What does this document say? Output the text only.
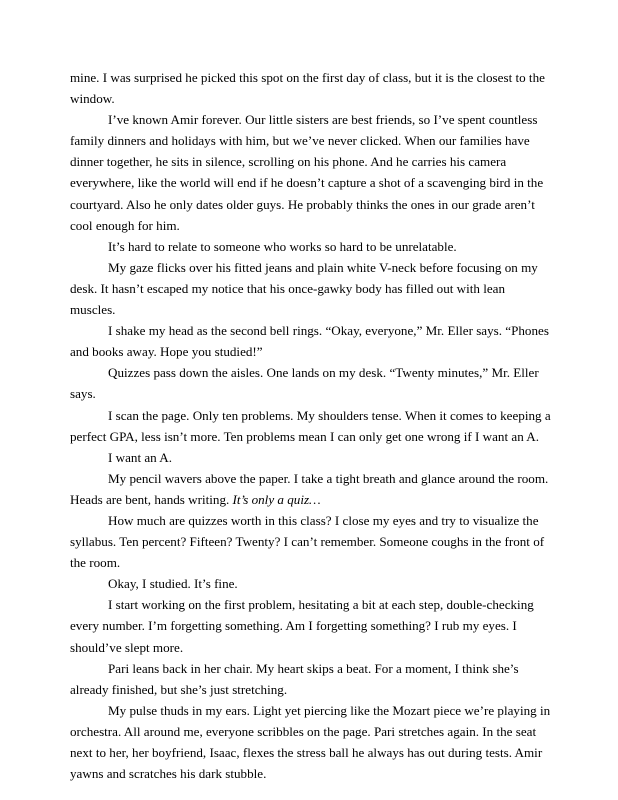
mine. I was surprised he picked this spot on the first day of class, but it is the closest to the window.

I’ve known Amir forever. Our little sisters are best friends, so I’ve spent countless family dinners and holidays with him, but we’ve never clicked. When our families have dinner together, he sits in silence, scrolling on his phone. And he carries his camera everywhere, like the world will end if he doesn’t capture a shot of a scavenging bird in the courtyard. Also he only dates older guys. He probably thinks the ones in our grade aren’t cool enough for him.

It’s hard to relate to someone who works so hard to be unrelatable.

My gaze flicks over his fitted jeans and plain white V-neck before focusing on my desk. It hasn’t escaped my notice that his once-gawky body has filled out with lean muscles.

I shake my head as the second bell rings. “Okay, everyone,” Mr. Eller says. “Phones and books away. Hope you studied!”

Quizzes pass down the aisles. One lands on my desk. “Twenty minutes,” Mr. Eller says.

I scan the page. Only ten problems. My shoulders tense. When it comes to keeping a perfect GPA, less isn’t more. Ten problems mean I can only get one wrong if I want an A.

I want an A.

My pencil wavers above the paper. I take a tight breath and glance around the room. Heads are bent, hands writing. It’s only a quiz…

How much are quizzes worth in this class? I close my eyes and try to visualize the syllabus. Ten percent? Fifteen? Twenty? I can’t remember. Someone coughs in the front of the room.

Okay, I studied. It’s fine.

I start working on the first problem, hesitating a bit at each step, double-checking every number. I’m forgetting something. Am I forgetting something? I rub my eyes. I should’ve slept more.

Pari leans back in her chair. My heart skips a beat. For a moment, I think she’s already finished, but she’s just stretching.

My pulse thuds in my ears. Light yet piercing like the Mozart piece we’re playing in orchestra. All around me, everyone scribbles on the page. Pari stretches again. In the seat next to her, her boyfriend, Isaac, flexes the stress ball he always has out during tests. Amir yawns and scratches his dark stubble.
